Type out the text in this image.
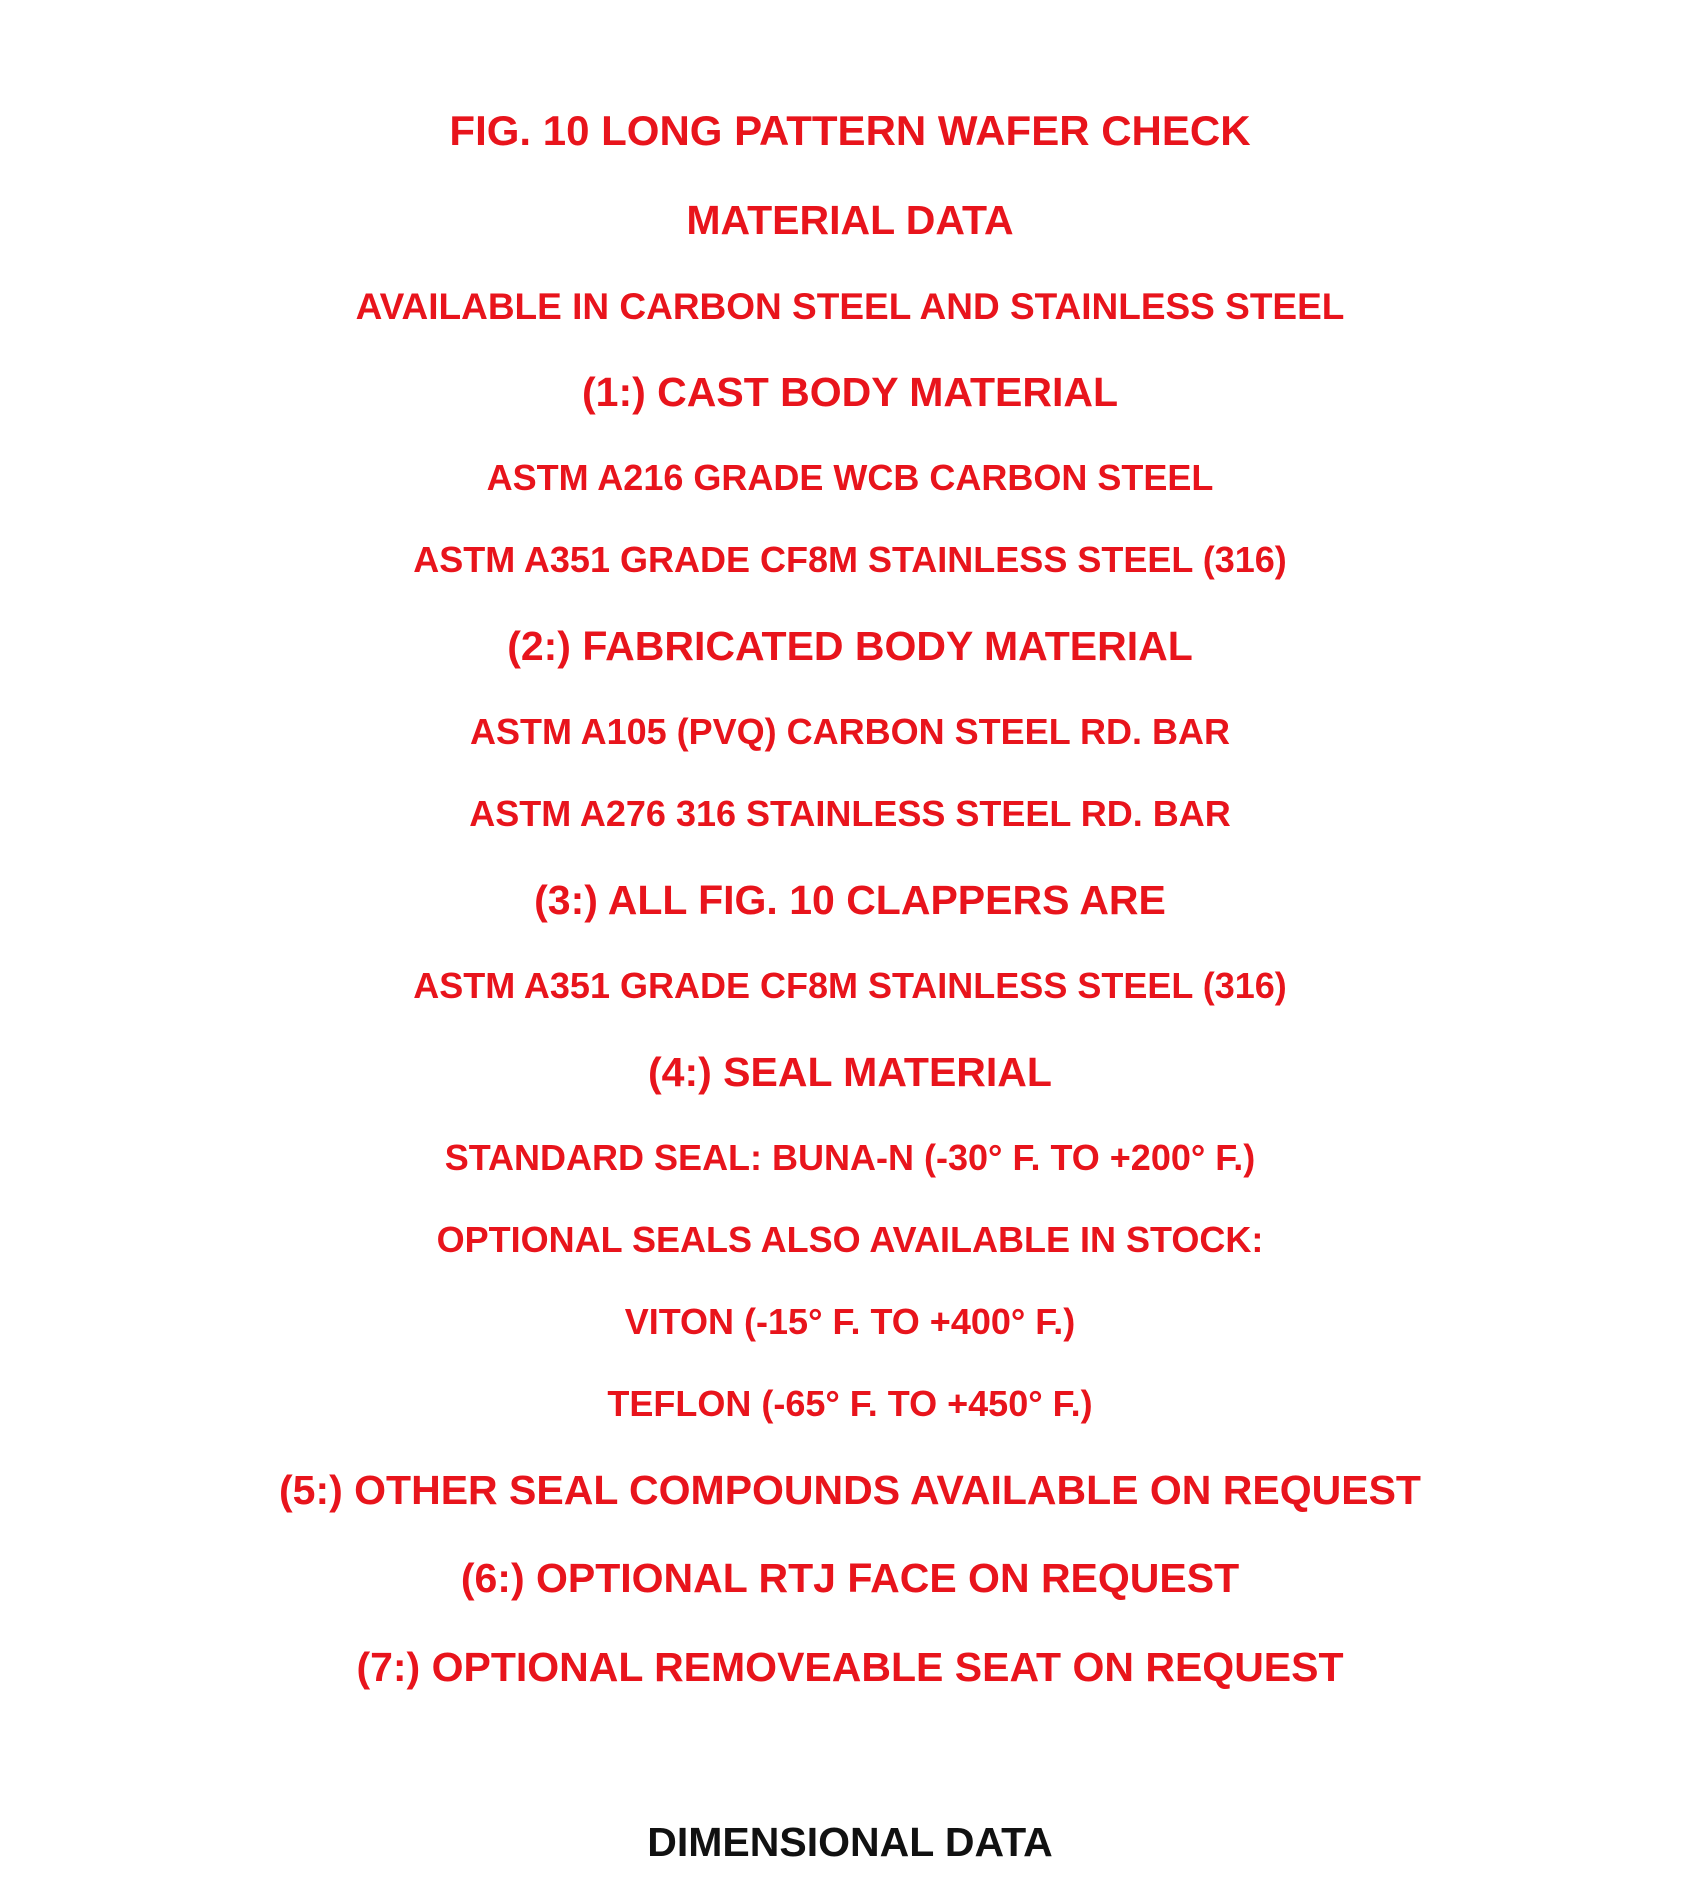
FIG. 10 LONG PATTERN WAFER CHECK
MATERIAL DATA
AVAILABLE IN CARBON STEEL AND STAINLESS STEEL
(1:) CAST BODY MATERIAL
ASTM A216 GRADE WCB CARBON STEEL
ASTM A351 GRADE CF8M STAINLESS STEEL (316)
(2:) FABRICATED BODY MATERIAL
ASTM A105 (PVQ) CARBON STEEL RD. BAR
ASTM A276 316 STAINLESS STEEL RD. BAR
(3:) ALL FIG. 10 CLAPPERS ARE
ASTM A351 GRADE CF8M STAINLESS STEEL (316)
(4:) SEAL MATERIAL
STANDARD SEAL: BUNA-N (-30° F. TO +200° F.)
OPTIONAL SEALS ALSO AVAILABLE IN STOCK:
VITON (-15° F. TO +400° F.)
TEFLON (-65° F. TO +450° F.)
(5:) OTHER SEAL COMPOUNDS AVAILABLE ON REQUEST
(6:) OPTIONAL RTJ FACE ON REQUEST
(7:) OPTIONAL REMOVEABLE SEAT ON REQUEST
DIMENSIONAL DATA
